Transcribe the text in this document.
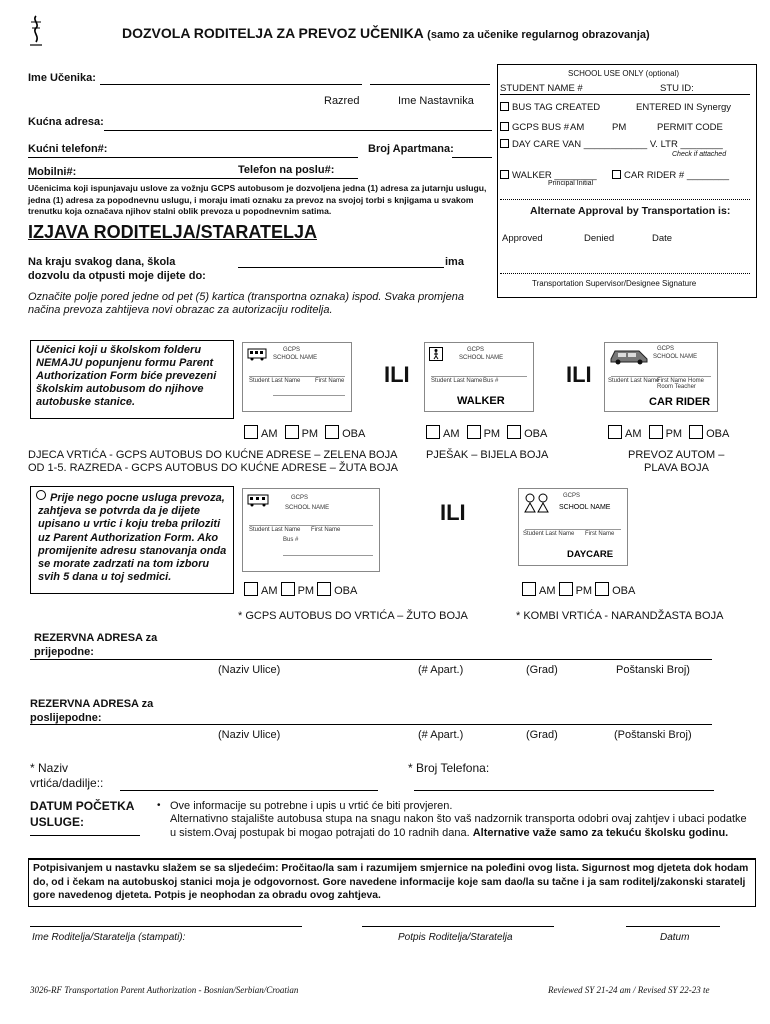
DOZVOLA RODITELJA ZA PREVOZ UČENIKA (samo za učenike regularnog obrazovanja)
Ime Učenika:
Razred	Ime Nastavnika
Kućna adresa:
Kućni telefon#:	Broj Apartmana:
Mobilni#:	Telefon na poslu#:
Učenicima koji ispunjavaju uslove za vožnju GCPS autobusom je dozvoljena jedna (1) adresa za jutarnju uslugu, jedna (1) adresa za popodnevnu uslugu, i moraju imati oznaku za prevoz na svojoj torbi s knjigama u svakom trenutku koja označava njihov stalni oblik prevoza u popodnevnim satima.
SCHOOL USE ONLY (optional)
STUDENT NAME #	STU ID:
BUS TAG CREATED	ENTERED IN Synergy
GCPS BUS # AM	PM	PERMIT CODE
DAY CARE VAN ____________ V. LTR ________
Check if attached
WALKER ________	CAR RIDER # ________
Principal Initial
Alternate Approval by Transportation is:
Approved	Denied	Date
Transportation Supervisor/Designee Signature
IZJAVA RODITELJA/STARATELJA
Na kraju svakog dana, škola	ima
dozvolu da otpusti moje dijete do:
Označite polje pored jedne od pet (5) kartica (transportna oznaka) ispod. Svaka promjena načina prevoza zahtijeva novi obrazac za autorizaciju roditelja.
Učenici koji u školskom folderu NEMAJU popunjenu formu Parent Authorization Form biće prevezeni školskim autobusom do njihove autobuske stanice.
GCPS
SCHOOL NAME
Student Last Name First Name ILI
GCPS
SCHOOL NAME
Student Last Name Bus #
WALKER
ILI
GCPS
SCHOOL NAME
Student Last Name
First Name Home Room Teacher
CAR RIDER
AM PM OBA	AM PM OBA	AM PM OBA
DJECA VRTIĆA - GCPS AUTOBUS DO KUĆNE ADRESE – ZELENA BOJA
OD 1-5. RAZREDA - GCPS AUTOBUS DO KUĆNE ADRESE – ŽUTA BOJA
PJEŠAK – BIJELA BOJA	PREVOZ AUTOM –
PLAVA BOJA
Prije nego pocne usluga prevoza, zahtjeva se potvrda da je dijete upisano u vrtic i koju treba priloziti uz Parent Authorization Form. Ako promijenite adresu stanovanja onda se morate zadrzati na tom izboru svih 5 dana u toj sedmici.
GCPS
SCHOOL NAME
Student Last Name First Name
Bus #
ILI
GCPS
SCHOOL NAME
Student Last Name First Name
DAYCARE
AM PM OBA	AM PM OBA
* GCPS AUTOBUS DO VRTIĆA – ŽUTO BOJA	* KOMBI VRTIĆA - NARANDŽASTA BOJA
REZERVNA ADRESA za prijepodne:
(Naziv Ulice)	(# Apart.)	(Grad)	Poštanski Broj)
REZERVNA ADRESA za poslijepodne:
(Naziv Ulice)	(# Apart.)	(Grad)	(Poštanski Broj)
* Naziv vrtića/dadilje::
* Broj Telefona:
DATUM POČETKA USLUGE:
• Ove informacije su potrebne i upis u vrtić će biti provjeren.
Alternativno stajalište autobusa stupa na snagu nakon što vaš nadzornik transporta odobri ovaj zahtjev i ubaci podatke u sistem.Ovaj postupak bi mogao potrajati do 10 radnih dana. Alternative važe samo za tekuću školsku godinu.
Potpisivanjem u nastavku slažem se sa sljedećim: Pročitao/la sam i razumijem smjernice na poleđini ovog lista. Sigurnost mog djeteta dok hodam do, od i čekam na autobuskoj stanici moja je odgovornost. Gore navedene informacije koje sam dao/la su tačne i ja sam roditelj/zakonski staratelj gore navedenog djeteta. Potpis je neophodan za obradu ovog zahtjeva.
Ime Roditelja/Staratelja (stampati):	Potpis Roditelja/Staratelja	Datum
3026-RF Transportation Parent Authorization - Bosnian/Serbian/Croatian	Reviewed SY 21-24 am / Revised SY 22-23 te
